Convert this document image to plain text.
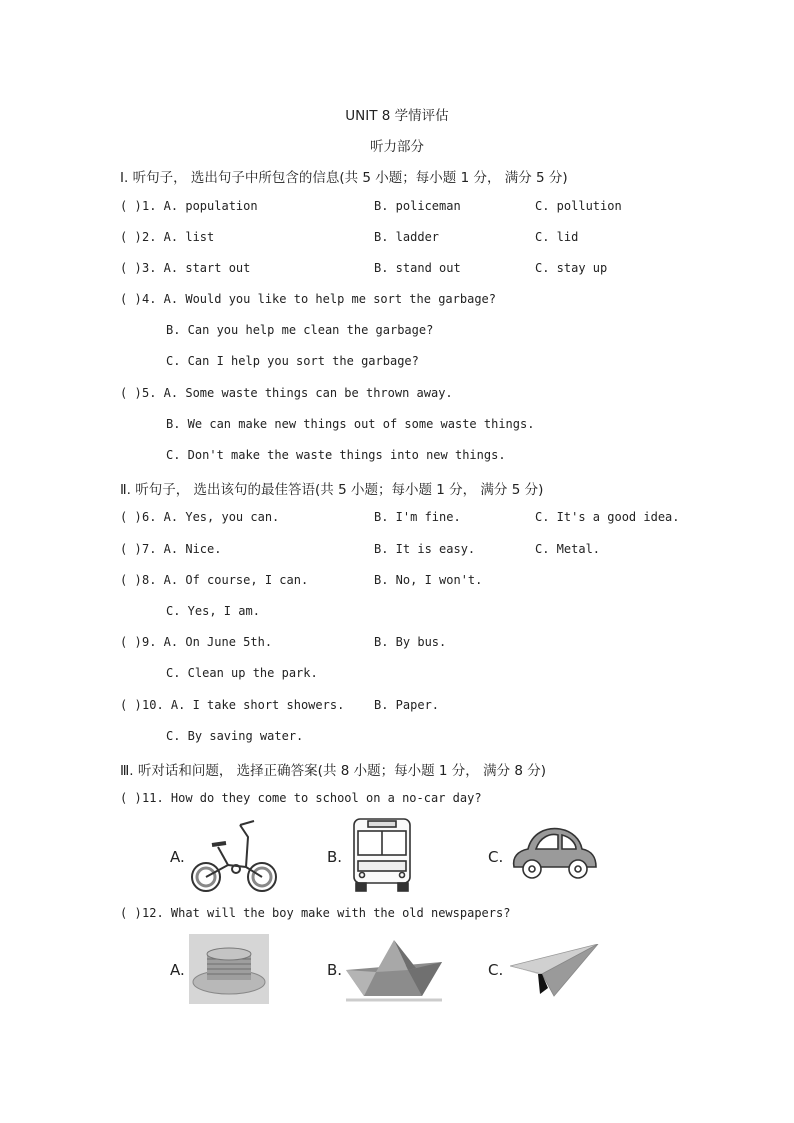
UNIT 8 学情评估
听力部分
Ⅰ. 听句子， 选出句子中所包含的信息(共 5 小题；每小题 1 分， 满分 5 分)
( ) 1. A. population	B. policeman	C. pollution
( ) 2. A. list	B. ladder	C. lid
( ) 3. A. start out	B. stand out	C. stay up
( ) 4. A. Would you like to help me sort the garbage?
B. Can you help me clean the garbage?
C. Can I help you sort the garbage?
( ) 5. A. Some waste things can be thrown away.
B. We can make new things out of some waste things.
C. Don't make the waste things into new things.
Ⅱ. 听句子， 选出该句的最佳答语(共 5 小题；每小题 1 分， 满分 5 分)
( ) 6. A. Yes, you can.	B. I'm fine.	C. It's a good idea.
( ) 7. A. Nice.	B. It is easy.	C. Metal.
( ) 8. A. Of course, I can.	B. No, I won't.
C. Yes, I am.
( ) 9. A. On June 5th.	B. By bus.
C. Clean up the park.
( ) 10. A. I take short showers. B. Paper.
C. By saving water.
Ⅲ. 听对话和问题， 选择正确答案(共 8 小题；每小题 1 分， 满分 8 分)
( ) 11. How do they come to school on a no-car day?
A.	B.	C.
( ) 12. What will the boy make with the old newspapers?
A.	B.	C.
